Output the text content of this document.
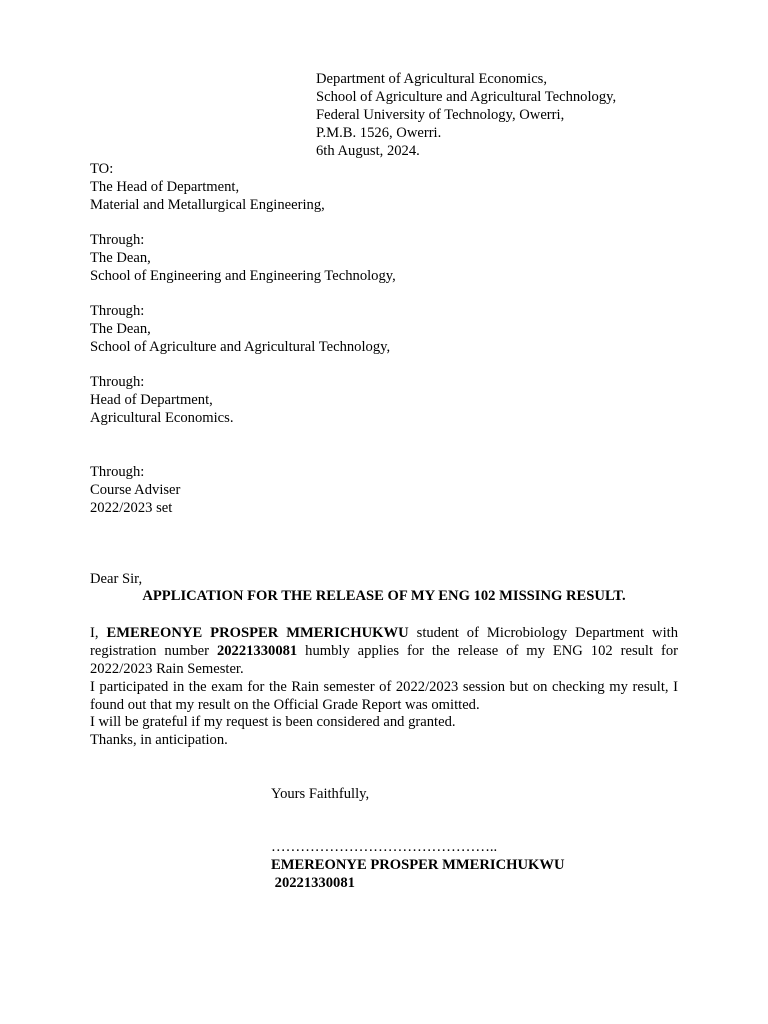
Department of Agricultural Economics,
School of Agriculture and Agricultural Technology,
Federal University of Technology, Owerri,
P.M.B. 1526, Owerri.
6th August, 2024.
TO:
The Head of Department,
Material and Metallurgical Engineering,
Through:
The Dean,
School of Engineering and Engineering Technology,
Through:
The Dean,
School of Agriculture and Agricultural Technology,
Through:
Head of Department,
Agricultural Economics.
Through:
Course Adviser
2022/2023 set
Dear Sir,
APPLICATION FOR THE RELEASE OF MY ENG 102 MISSING RESULT.
I, EMEREONYE PROSPER MMERICHUKWU student of Microbiology Department with registration number 20221330081 humbly applies for the release of my ENG 102 result for 2022/2023 Rain Semester.
I participated in the exam for the Rain semester of 2022/2023 session but on checking my result, I found out that my result on the Official Grade Report was omitted.
I will be grateful if my request is been considered and granted.
Thanks, in anticipation.
Yours Faithfully,
………………………………………..
EMEREONYE PROSPER MMERICHUKWU
20221330081
